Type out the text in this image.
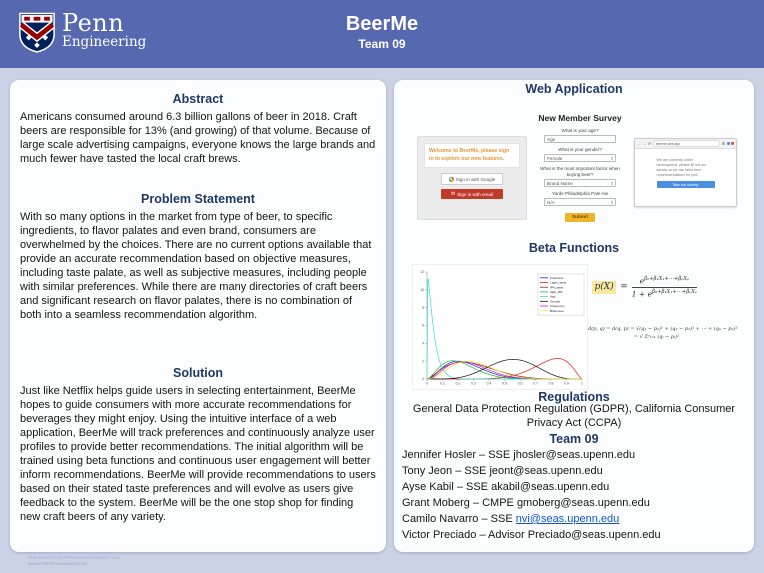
Penn
Engineering
BeerMe
Team 09
Abstract

Americans consumed around 6.3 billion gallons of beer in 2018. Craft beers are responsible for 13% (and growing) of that volume. Because of large scale advertising campaigns, everyone knows the large brands and much fewer have tasted the local craft brews.

Problem Statement

With so many options in the market from type of beer, to specific ingredients, to flavor palates and even brand, consumers are overwhelmed by the choices. There are no current options available that provide an accurate recommendation based on objective measures, including taste palate, as well as subjective measures, including people with similar preferences. While there are many directories of craft beers and significant research on flavor palates, there is no combination of both into a seamless recommendation algorithm.

Solution

Just like Netflix helps guide users in selecting entertainment, BeerMe hopes to guide consumers with more accurate recommendations for beverages they might enjoy. Using the intuitive interface of a web application, BeerMe will track preferences and continuously analyze user profiles to provide better recommendations. The initial algorithm will be trained using beta functions and continuous user engagement will better inform recommendations. BeerMe will provide recommendations to users based on their stated taste preferences and will evolve as users give feedback to the system. BeerMe will be the one stop shop for finding new craft beers of any variety.

Web Application
Welcome to BeerMe, please sign in to explore our new features.
Sign in with Google
✉ Sign in with email
New Member Survey
What is your age?
Age
What is your gender?
Female	⇕
What is the most important factor when buying beer?
Brand Name	⇕
Yards Philadelphia Pale Ale
N/A	⇕
Submit
← → ⟳	beerme-web-app	⊞
We are currently under development, please fill out our survey so we can tailor beer recommendations for you!
Take our survey!
Beta Functions
0	0.1	0.2	0.3	0.4	0.5	0.6	0.7	0.8	0.9	1
0
2
4
6
8
10
12
Fruitiness
Lager_taste
IPA_taste
dark_IPA
Age
Gender
Frequency
Bitterness
$p(X) = \frac{e^{\beta_0+\beta_1X_1+\cdots+\beta_pX_p}}{1 + e^{\beta_0+\beta_1X_1+\cdots+\beta_pX_p}}$
d(p, q) = d(q, p) = √(q₁ − p₁)² + (q₂ − p₂)² + ⋯ + (qₙ − pₙ)²
= √ Σⁿᵢ₌₁ (qᵢ − pᵢ)²
Regulations

General Data Protection Regulation (GDPR), California Consumer Privacy Act (CCPA)

Team 09
Jennifer Hosler – SSE jhosler@seas.upenn.edu
Tony Jeon – SSE jeont@seas.upenn.edu
Ayse Kabil – SSE akabil@seas.upenn.edu
Grant Moberg – CMPE gmoberg@seas.upenn.edu
Camilo Navarro – SSE nvi@seas.upenn.edu
Victor Preciado – Advisor Preciado@seas.upenn.edu
RESEARCH POSTER PRESENTATION DESIGN © 2015
www.PosterPresentations.com
